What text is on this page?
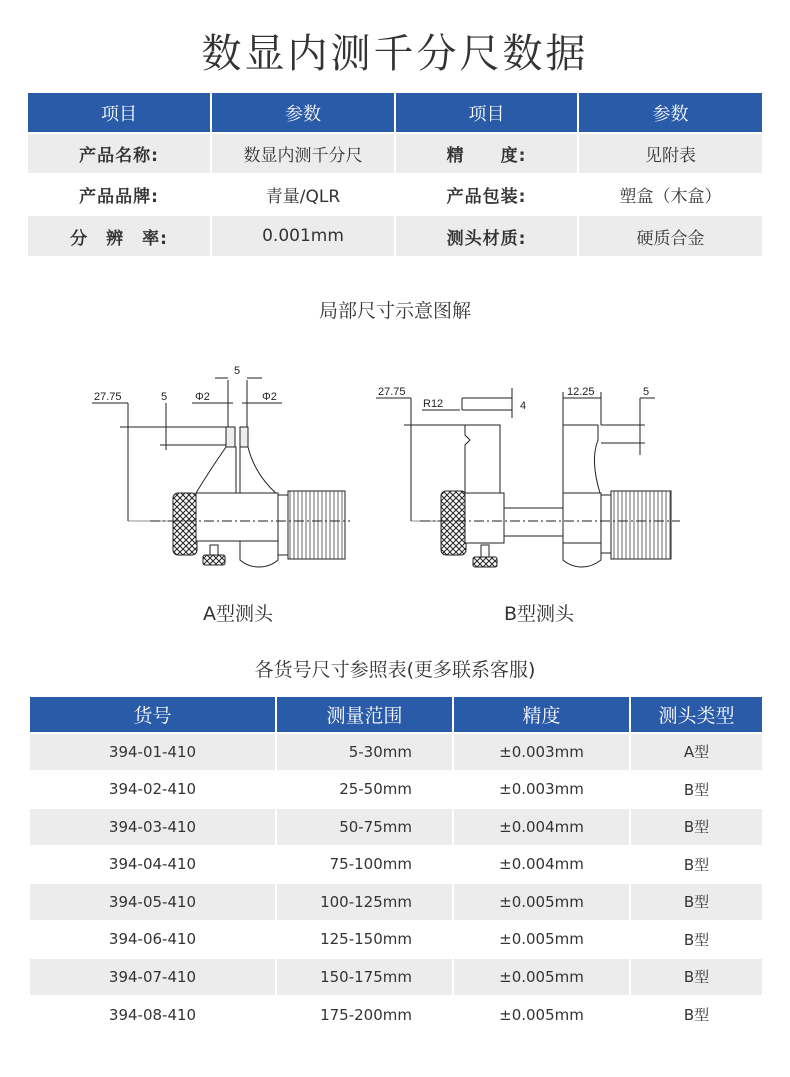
数显内测千分尺数据
项目	参数	项目	参数
产品名称:	数显内测千分尺	精　　度:	见附表
产品品牌:	青量/QLR	产品包装:	塑盒（木盒）
分　辨　率:	0.001mm	测头材质:	硬质合金
局部尺寸示意图解
27.75	5
5
Φ2	Φ2	27.75
R12	4
12.25	5
A型测头	B型测头
各货号尺寸参照表(更多联系客服)
货号	测量范围	精度	测头类型
394-01-410	5-30mm	±0.003mm	A型
394-02-410	25-50mm	±0.003mm	B型
394-03-410	50-75mm	±0.004mm	B型
394-04-410	75-100mm	±0.004mm	B型
394-05-410	100-125mm	±0.005mm	B型
394-06-410	125-150mm	±0.005mm	B型
394-07-410	150-175mm	±0.005mm	B型
394-08-410	175-200mm	±0.005mm	B型
